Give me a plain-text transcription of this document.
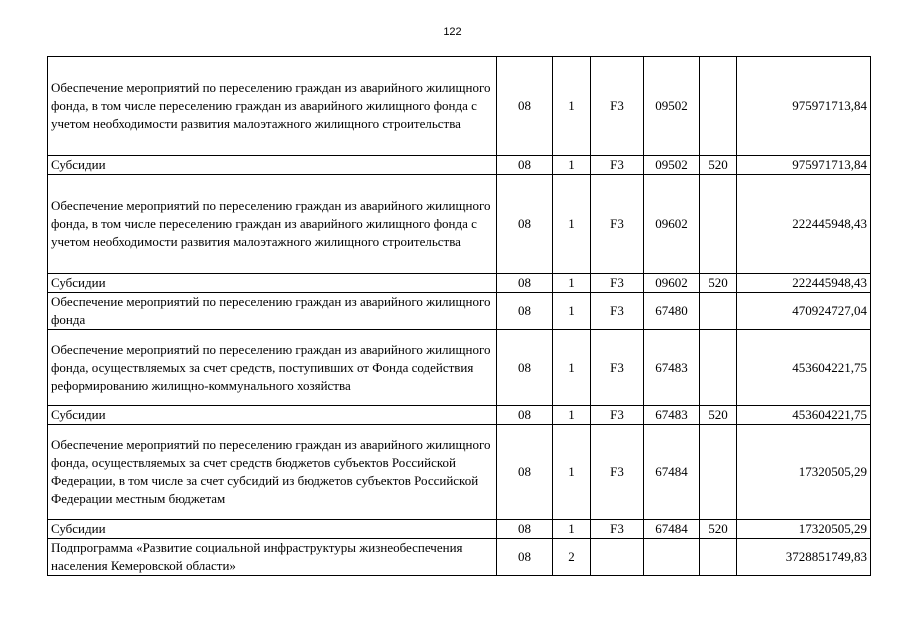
122
Обеспечение мероприятий по переселению граждан из аварийного жилищного фонда, в том числе переселению граждан из аварийного жилищного фонда с учетом необходимости развития малоэтажного жилищного строительства	08	1	F3	09502		975971713,84
Субсидии	08	1	F3	09502	520	975971713,84
Обеспечение мероприятий по переселению граждан из аварийного жилищного фонда, в том числе переселению граждан из аварийного жилищного фонда с учетом необходимости развития малоэтажного жилищного строительства	08	1	F3	09602		222445948,43
Субсидии	08	1	F3	09602	520	222445948,43
Обеспечение мероприятий по переселению граждан из аварийного жилищного фонда	08	1	F3	67480		470924727,04
Обеспечение мероприятий по переселению граждан из аварийного жилищного фонда, осуществляемых за счет средств, поступивших от Фонда содействия реформированию жилищно-коммунального хозяйства	08	1	F3	67483		453604221,75
Субсидии	08	1	F3	67483	520	453604221,75
Обеспечение мероприятий по переселению граждан из аварийного жилищного фонда, осуществляемых за счет средств бюджетов субъектов Российской Федерации, в том числе за счет субсидий из бюджетов субъектов Российской Федерации местным бюджетам	08	1	F3	67484		17320505,29
Субсидии	08	1	F3	67484	520	17320505,29
Подпрограмма «Развитие социальной инфраструктуры жизнеобеспечения населения Кемеровской области»	08	2				3728851749,83
